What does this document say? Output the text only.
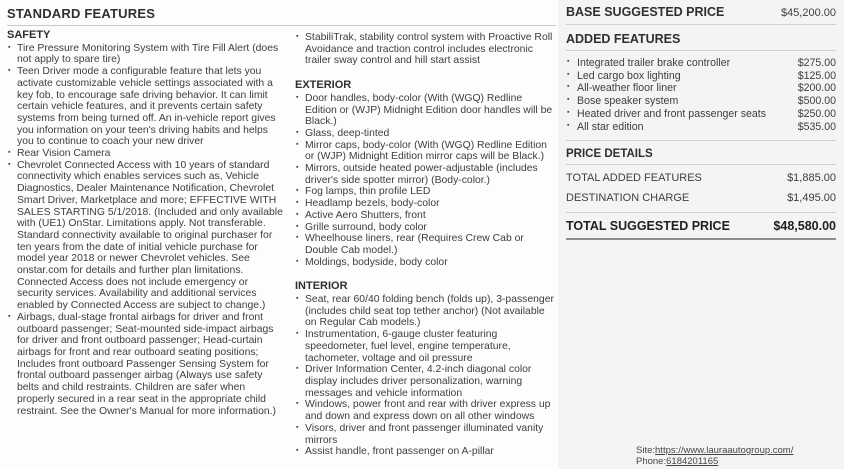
STANDARD FEATURES
SAFETY
▪ Tire Pressure Monitoring System with Tire Fill Alert (does not apply to spare tire)
▪ Teen Driver mode a configurable feature that lets you activate customizable vehicle settings associated with a key fob, to encourage safe driving behavior. It can limit certain vehicle features, and it prevents certain safety systems from being turned off. An in-vehicle report gives you information on your teen's driving habits and helps you to continue to coach your new driver
▪ Rear Vision Camera
▪ Chevrolet Connected Access with 10 years of standard connectivity which enables services such as, Vehicle Diagnostics, Dealer Maintenance Notification, Chevrolet Smart Driver, Marketplace and more; EFFECTIVE WITH SALES STARTING 5/1/2018. (Included and only available with (UE1) OnStar. Limitations apply. Not transferable. Standard connectivity available to original purchaser for ten years from the date of initial vehicle purchase for model year 2018 or newer Chevrolet vehicles. See onstar.com for details and further plan limitations. Connected Access does not include emergency or security services. Availability and additional services enabled by Connected Access are subject to change.)
▪ Airbags, dual-stage frontal airbags for driver and front outboard passenger; Seat-mounted side-impact airbags for driver and front outboard passenger; Head-curtain airbags for front and rear outboard seating positions; Includes front outboard Passenger Sensing System for frontal outboard passenger airbag (Always use safety belts and child restraints. Children are safer when properly secured in a rear seat in the appropriate child restraint. See the Owner's Manual for more information.)
▪ StabiliTrak, stability control system with Proactive Roll Avoidance and traction control includes electronic trailer sway control and hill start assist
EXTERIOR
▪ Door handles, body-color (With (WGQ) Redline Edition or (WJP) Midnight Edition door handles will be Black.)
▪ Glass, deep-tinted
▪ Mirror caps, body-color (With (WGQ) Redline Edition or (WJP) Midnight Edition mirror caps will be Black.)
▪ Mirrors, outside heated power-adjustable (includes driver's side spotter mirror) (Body-color.)
▪ Fog lamps, thin profile LED
▪ Headlamp bezels, body-color
▪ Active Aero Shutters, front
▪ Grille surround, body color
▪ Wheelhouse liners, rear (Requires Crew Cab or Double Cab model.)
▪ Moldings, bodyside, body color
INTERIOR
▪ Seat, rear 60/40 folding bench (folds up), 3-passenger (includes child seat top tether anchor) (Not available on Regular Cab models.)
▪ Instrumentation, 6-gauge cluster featuring speedometer, fuel level, engine temperature, tachometer, voltage and oil pressure
▪ Driver Information Center, 4.2-inch diagonal color display includes driver personalization, warning messages and vehicle information
▪ Windows, power front and rear with driver express up and down and express down on all other windows
▪ Visors, driver and front passenger illuminated vanity mirrors
▪ Assist handle, front passenger on A-pillar
BASE SUGGESTED PRICE	$45,200.00
ADDED FEATURES
▪ Integrated trailer brake controller	$275.00
▪ Led cargo box lighting	$125.00
▪ All-weather floor liner	$200.00
▪ Bose speaker system	$500.00
▪ Heated driver and front passenger seats	$250.00
▪ All star edition	$535.00
PRICE DETAILS
TOTAL ADDED FEATURES	$1,885.00
DESTINATION CHARGE	$1,495.00
TOTAL SUGGESTED PRICE	$48,580.00
Site:https://www.lauraautogroup.com/
Phone:6184201165
